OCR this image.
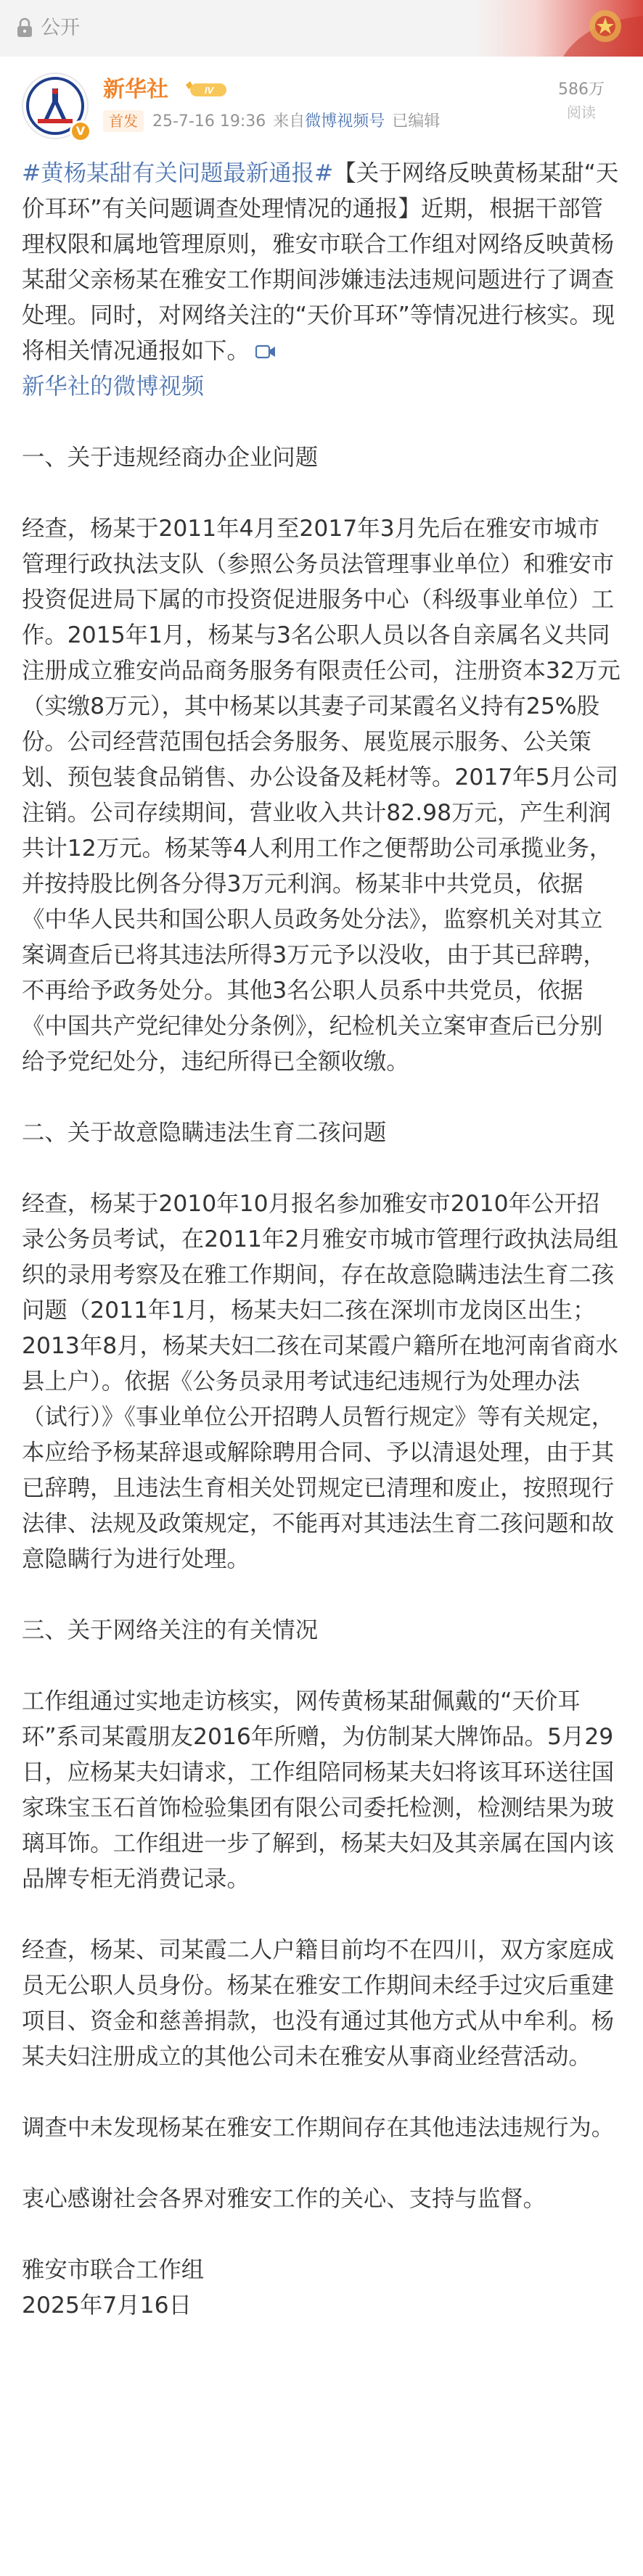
公开
V
新华社	IV
首发 25-7-16 19:36 来自微博视频号 已编辑
586万
阅读

#黄杨某甜有关问题最新通报#【关于网络反映黄杨某甜“天价耳环”有关问题调查处理情况的通报】近期，根据干部管理权限和属地管理原则，雅安市联合工作组对网络反映黄杨某甜父亲杨某在雅安工作期间涉嫌违法违规问题进行了调查处理。同时，对网络关注的“天价耳环”等情况进行核实。现将相关情况通报如下。

新华社的微博视频

一、关于违规经商办企业问题

经查，杨某于2011年4月至2017年3月先后在雅安市城市管理行政执法支队（参照公务员法管理事业单位）和雅安市投资促进局下属的市投资促进服务中心（科级事业单位）工作。2015年1月，杨某与3名公职人员以各自亲属名义共同注册成立雅安尚品商务服务有限责任公司，注册资本32万元（实缴8万元），其中杨某以其妻子司某霞名义持有25%股份。公司经营范围包括会务服务、展览展示服务、公关策划、预包装食品销售、办公设备及耗材等。2017年5月公司注销。公司存续期间，营业收入共计82.98万元，产生利润共计12万元。杨某等4人利用工作之便帮助公司承揽业务，并按持股比例各分得3万元利润。杨某非中共党员，依据《中华人民共和国公职人员政务处分法》，监察机关对其立案调查后已将其违法所得3万元予以没收，由于其已辞聘，不再给予政务处分。其他3名公职人员系中共党员，依据《中国共产党纪律处分条例》，纪检机关立案审查后已分别给予党纪处分，违纪所得已全额收缴。

二、关于故意隐瞒违法生育二孩问题

经查，杨某于2010年10月报名参加雅安市2010年公开招录公务员考试，在2011年2月雅安市城市管理行政执法局组织的录用考察及在雅工作期间，存在故意隐瞒违法生育二孩问题（2011年1月，杨某夫妇二孩在深圳市龙岗区出生；2013年8月，杨某夫妇二孩在司某霞户籍所在地河南省商水县上户）。依据《公务员录用考试违纪违规行为处理办法（试行）》《事业单位公开招聘人员暂行规定》等有关规定，本应给予杨某辞退或解除聘用合同、予以清退处理，由于其已辞聘，且违法生育相关处罚规定已清理和废止，按照现行法律、法规及政策规定，不能再对其违法生育二孩问题和故意隐瞒行为进行处理。

三、关于网络关注的有关情况

工作组通过实地走访核实，网传黄杨某甜佩戴的“天价耳环”系司某霞朋友2016年所赠，为仿制某大牌饰品。5月29日，应杨某夫妇请求，工作组陪同杨某夫妇将该耳环送往国家珠宝玉石首饰检验集团有限公司委托检测，检测结果为玻璃耳饰。工作组进一步了解到，杨某夫妇及其亲属在国内该品牌专柜无消费记录。

经查，杨某、司某霞二人户籍目前均不在四川，双方家庭成员无公职人员身份。杨某在雅安工作期间未经手过灾后重建项目、资金和慈善捐款，也没有通过其他方式从中牟利。杨某夫妇注册成立的其他公司未在雅安从事商业经营活动。

调查中未发现杨某在雅安工作期间存在其他违法违规行为。

衷心感谢社会各界对雅安工作的关心、支持与监督。

雅安市联合工作组

2025年7月16日
